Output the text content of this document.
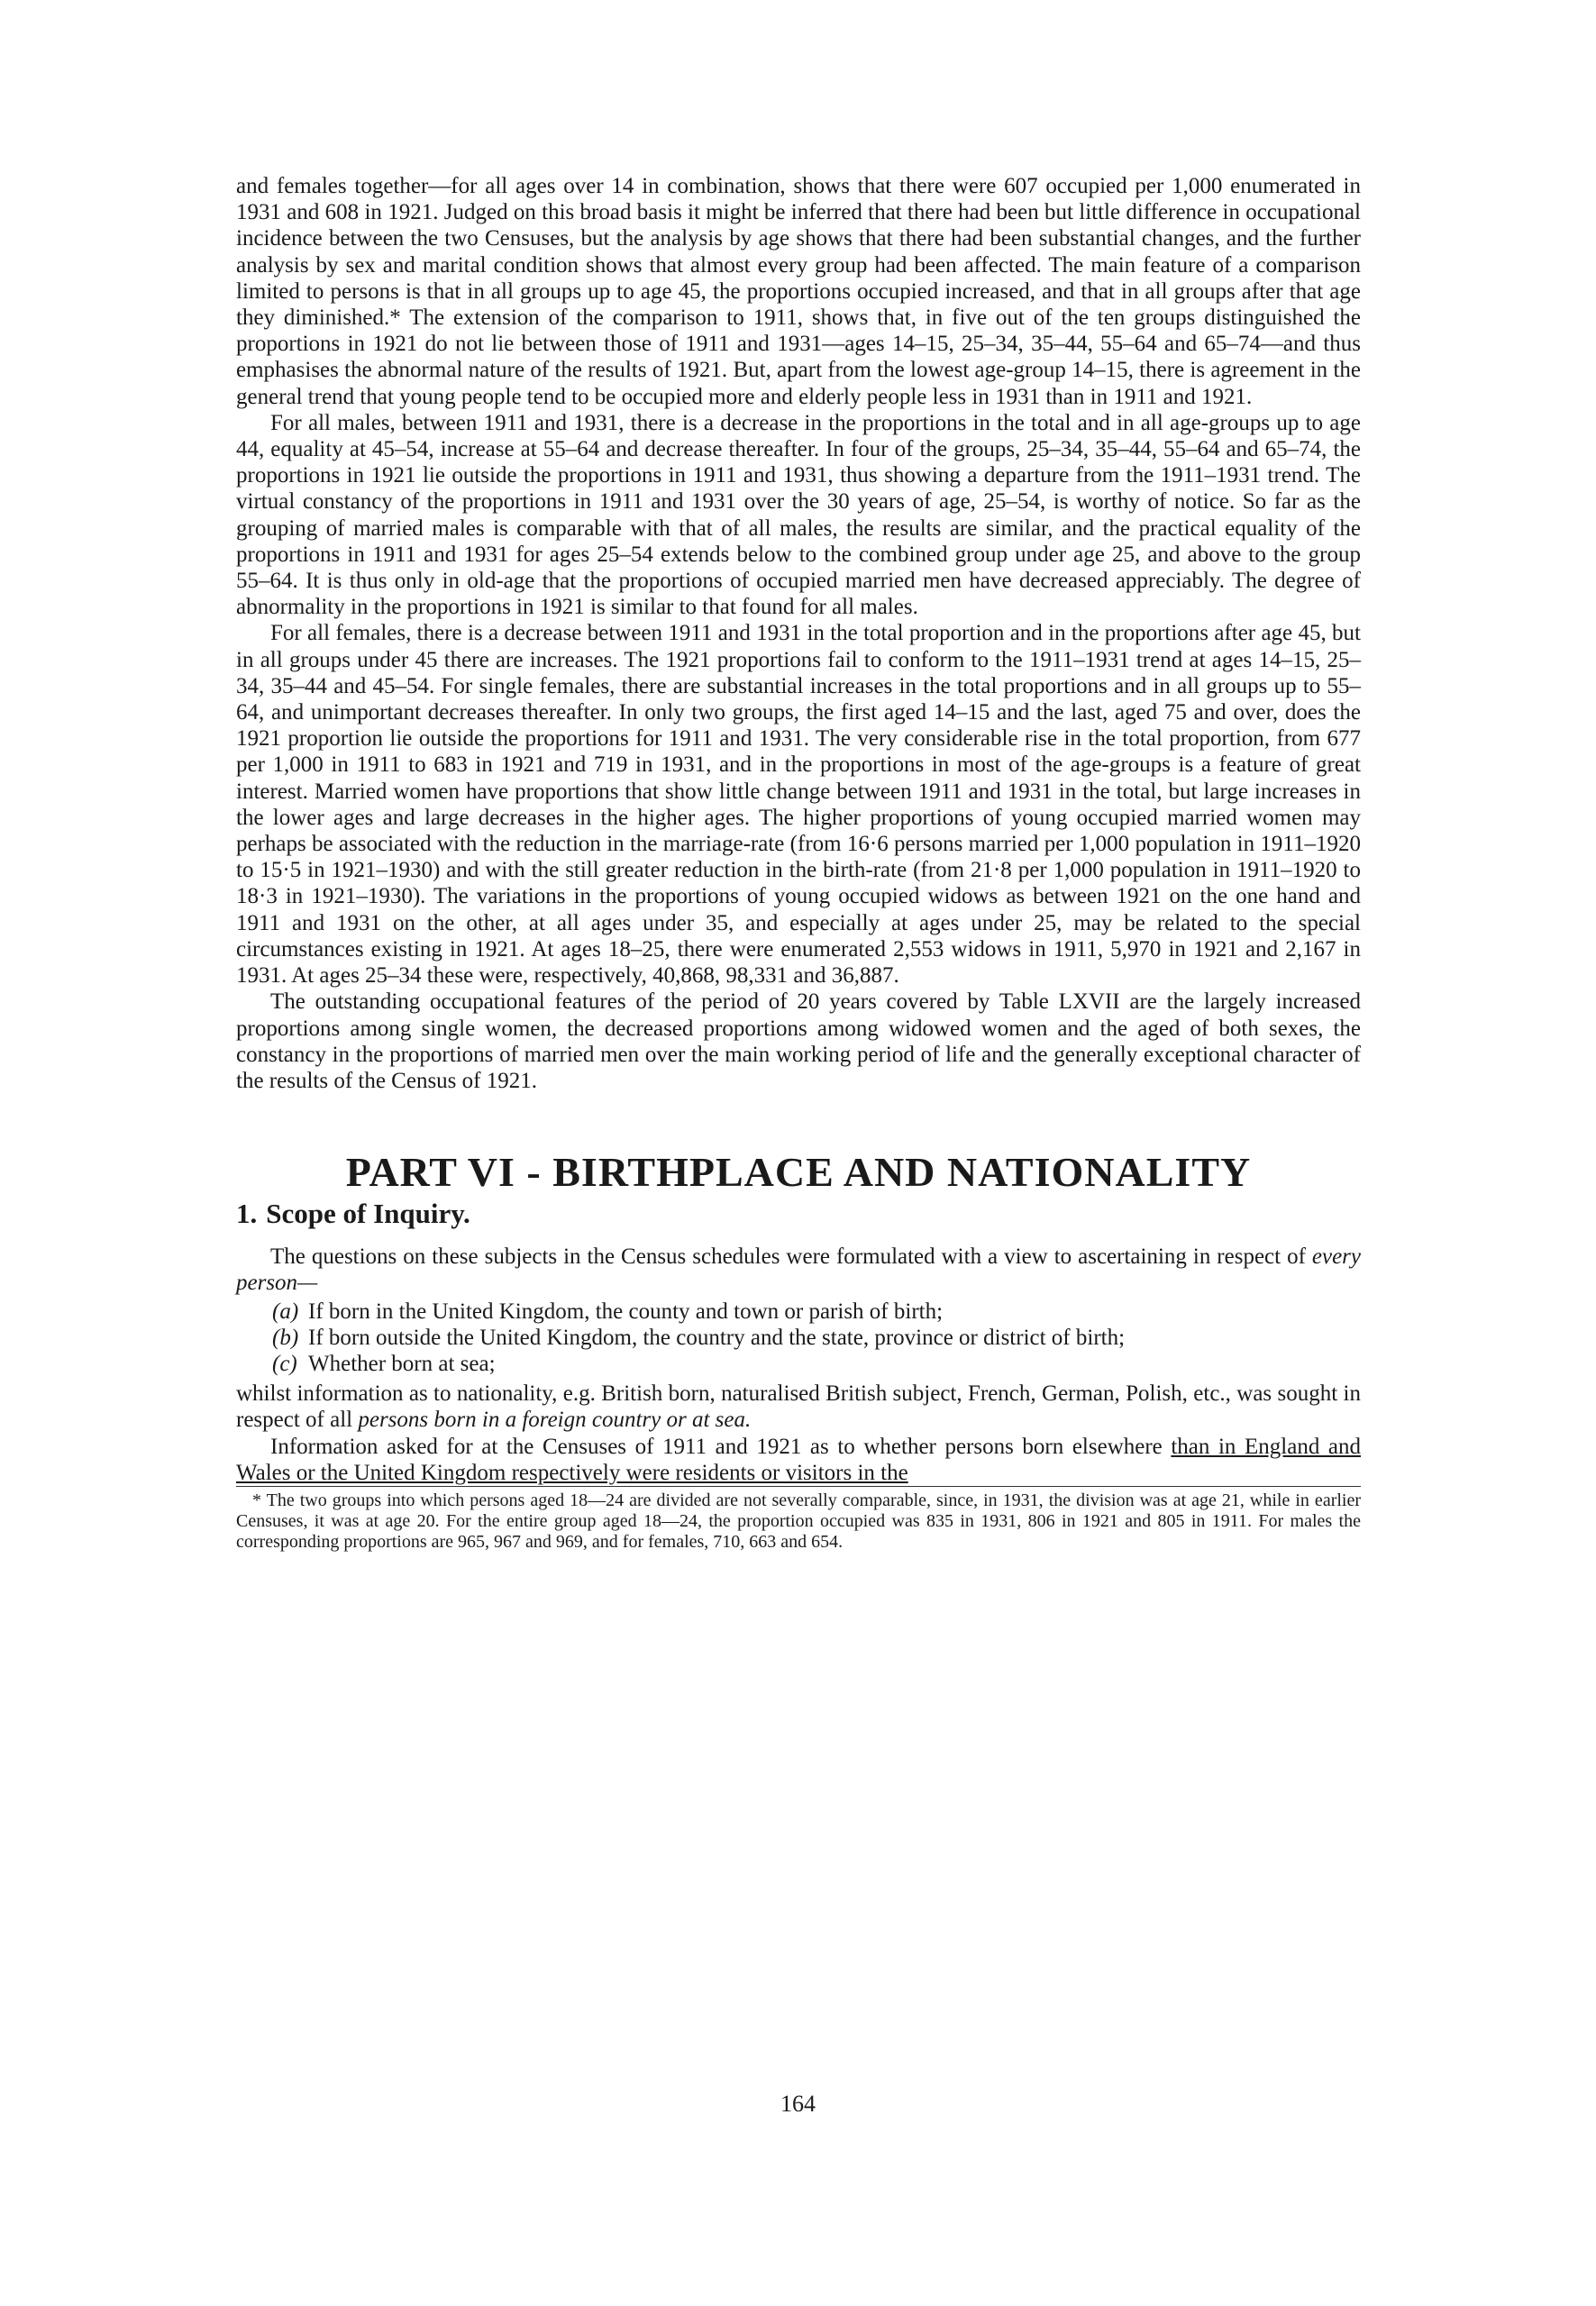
and females together—for all ages over 14 in combination, shows that there were 607 occupied per 1,000 enumerated in 1931 and 608 in 1921. Judged on this broad basis it might be inferred that there had been but little difference in occupational incidence between the two Censuses, but the analysis by age shows that there had been substantial changes, and the further analysis by sex and marital condition shows that almost every group had been affected. The main feature of a comparison limited to persons is that in all groups up to age 45, the proportions occupied increased, and that in all groups after that age they diminished.* The extension of the comparison to 1911, shows that, in five out of the ten groups distinguished the proportions in 1921 do not lie between those of 1911 and 1931—ages 14–15, 25–34, 35–44, 55–64 and 65–74—and thus emphasises the abnormal nature of the results of 1921. But, apart from the lowest age-group 14–15, there is agreement in the general trend that young people tend to be occupied more and elderly people less in 1931 than in 1911 and 1921.

For all males, between 1911 and 1931, there is a decrease in the proportions in the total and in all age-groups up to age 44, equality at 45–54, increase at 55–64 and decrease thereafter. In four of the groups, 25–34, 35–44, 55–64 and 65–74, the proportions in 1921 lie outside the proportions in 1911 and 1931, thus showing a departure from the 1911–1931 trend. The virtual constancy of the proportions in 1911 and 1931 over the 30 years of age, 25–54, is worthy of notice. So far as the grouping of married males is comparable with that of all males, the results are similar, and the practical equality of the proportions in 1911 and 1931 for ages 25–54 extends below to the combined group under age 25, and above to the group 55–64. It is thus only in old-age that the proportions of occupied married men have decreased appreciably. The degree of abnormality in the proportions in 1921 is similar to that found for all males.

For all females, there is a decrease between 1911 and 1931 in the total proportion and in the proportions after age 45, but in all groups under 45 there are increases. The 1921 proportions fail to conform to the 1911–1931 trend at ages 14–15, 25–34, 35–44 and 45–54. For single females, there are substantial increases in the total proportions and in all groups up to 55–64, and unimportant decreases thereafter. In only two groups, the first aged 14–15 and the last, aged 75 and over, does the 1921 proportion lie outside the proportions for 1911 and 1931. The very considerable rise in the total proportion, from 677 per 1,000 in 1911 to 683 in 1921 and 719 in 1931, and in the proportions in most of the age-groups is a feature of great interest. Married women have proportions that show little change between 1911 and 1931 in the total, but large increases in the lower ages and large decreases in the higher ages. The higher proportions of young occupied married women may perhaps be associated with the reduction in the marriage-rate (from 16·6 persons married per 1,000 population in 1911–1920 to 15·5 in 1921–1930) and with the still greater reduction in the birth-rate (from 21·8 per 1,000 population in 1911–1920 to 18·3 in 1921–1930). The variations in the proportions of young occupied widows as between 1921 on the one hand and 1911 and 1931 on the other, at all ages under 35, and especially at ages under 25, may be related to the special circumstances existing in 1921. At ages 18–25, there were enumerated 2,553 widows in 1911, 5,970 in 1921 and 2,167 in 1931. At ages 25–34 these were, respectively, 40,868, 98,331 and 36,887.

The outstanding occupational features of the period of 20 years covered by Table LXVII are the largely increased proportions among single women, the decreased proportions among widowed women and the aged of both sexes, the constancy in the proportions of married men over the main working period of life and the generally exceptional character of the results of the Census of 1921.

PART VI - BIRTHPLACE AND NATIONALITY
1. Scope of Inquiry.

The questions on these subjects in the Census schedules were formulated with a view to ascertaining in respect of every person—

(a) If born in the United Kingdom, the county and town or parish of birth;
(b) If born outside the United Kingdom, the country and the state, province or district of birth;
(c) Whether born at sea;

whilst information as to nationality, e.g. British born, naturalised British subject, French, German, Polish, etc., was sought in respect of all persons born in a foreign country or at sea.

Information asked for at the Censuses of 1911 and 1921 as to whether persons born elsewhere than in England and Wales or the United Kingdom respectively were residents or visitors in the

* The two groups into which persons aged 18—24 are divided are not severally comparable, since, in 1931, the division was at age 21, while in earlier Censuses, it was at age 20. For the entire group aged 18—24, the proportion occupied was 835 in 1931, 806 in 1921 and 805 in 1911. For males the corresponding proportions are 965, 967 and 969, and for females, 710, 663 and 654.

164
